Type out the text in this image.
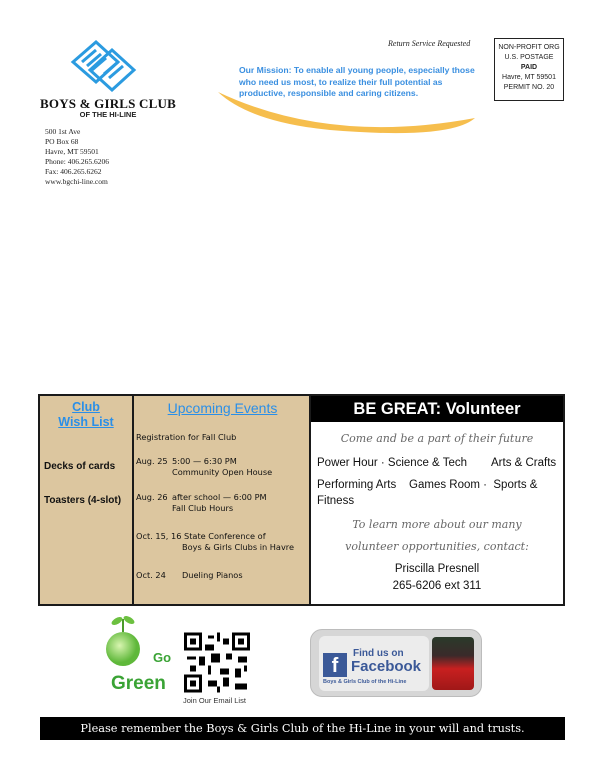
BOYS & GIRLS CLUB
OF THE HI-LINE
500 1st Ave
PO Box 68
Havre, MT 59501
Phone: 406.265.6206
Fax: 406.265.6262
www.bgchi-line.com
Our Mission: To enable all young people, especially those who need us most, to realize their full potential as productive, responsible and caring citizens.
Return Service Requested	NON-PROFIT ORG
U.S. POSTAGE
PAID
Havre, MT 59501
PERMIT NO. 20
Club
Wish List
Decks of cards
Toasters (4-slot)
Upcoming Events
Registration for Fall Club
Aug. 25 5:00 — 6:30 PM
Community Open House
Aug. 26 after school — 6:00 PM
Fall Club Hours
Oct. 15, 16 State Conference of
Boys & Girls Clubs in Havre
Oct. 24 Dueling Pianos
BE GREAT: Volunteer
Come and be a part of their future
Power Hour · Science & Tech Arts & Crafts
Performing Arts    Games Room ·  Sports &
Fitness
To learn more about our many
volunteer opportunities, contact:
Priscilla Presnell
265-6206 ext 311
Go
Green
Join Our Email List
f
Find us on
Facebook
Boys & Girls Club of the Hi-Line
Please remember the Boys & Girls Club of the Hi-Line in your will and trusts.
